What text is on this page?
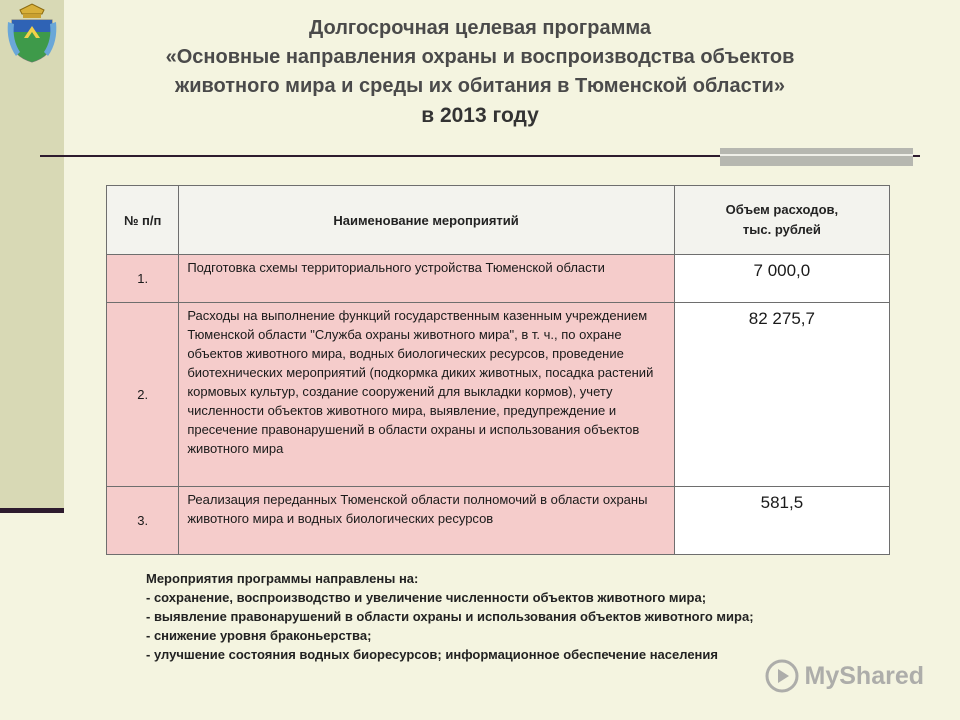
Долгосрочная целевая программа
«Основные направления охраны и воспроизводства объектов
животного мира и среды их обитания в Тюменской области»
в 2013 году
№ п/п	Наименование мероприятий	Объем расходов,
тыс. рублей

1.	Подготовка схемы территориального устройства Тюменской области	7 000,0
2.	Расходы на выполнение функций государственным казенным учреждением Тюменской области "Служба охраны животного мира", в т. ч., по охране объектов животного мира, водных биологических ресурсов, проведение биотехнических мероприятий (подкормка диких животных, посадка растений кормовых культур, создание сооружений для выкладки кормов), учету численности объектов животного мира, выявление, предупреждение и пресечение правонарушений в области охраны и использования объектов животного мира	82 275,7
3.	Реализация переданных Тюменской области полномочий в области охраны животного мира и водных биологических ресурсов	581,5
Мероприятия программы направлены на:
- сохранение, воспроизводство и увеличение численности объектов животного мира;
- выявление правонарушений в области охраны и использования объектов животного мира;
- снижение уровня браконьерства;
- улучшение состояния водных биоресурсов; информационное обеспечение населения
MyShared
